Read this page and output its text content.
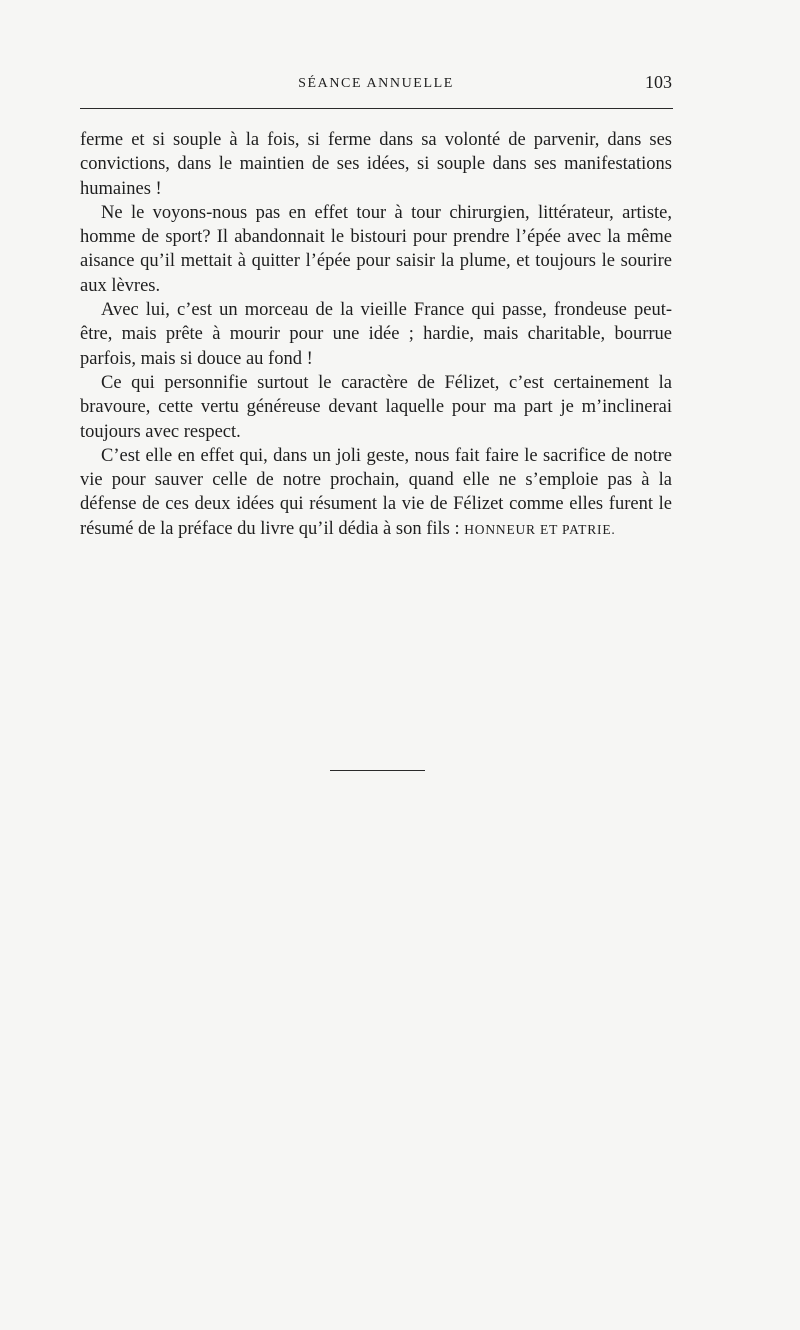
SÉANCE ANNUELLE	103

ferme et si souple à la fois, si ferme dans sa volonté de parvenir, dans ses convictions, dans le maintien de ses idées, si souple dans ses manifestations humaines !

Ne le voyons-nous pas en effet tour à tour chirurgien, littérateur, artiste, homme de sport? Il abandonnait le bistouri pour prendre l’épée avec la même aisance qu’il mettait à quitter l’épée pour saisir la plume, et toujours le sourire aux lèvres.

Avec lui, c’est un morceau de la vieille France qui passe, frondeuse peut-être, mais prête à mourir pour une idée ; hardie, mais charitable, bourrue parfois, mais si douce au fond !

Ce qui personnifie surtout le caractère de Félizet, c’est certainement la bravoure, cette vertu généreuse devant laquelle pour ma part je m’inclinerai toujours avec respect.

C’est elle en effet qui, dans un joli geste, nous fait faire le sacrifice de notre vie pour sauver celle de notre prochain, quand elle ne s’emploie pas à la défense de ces deux idées qui résument la vie de Félizet comme elles furent le résumé de la préface du livre qu’il dédia à son fils : HONNEUR ET PATRIE.
